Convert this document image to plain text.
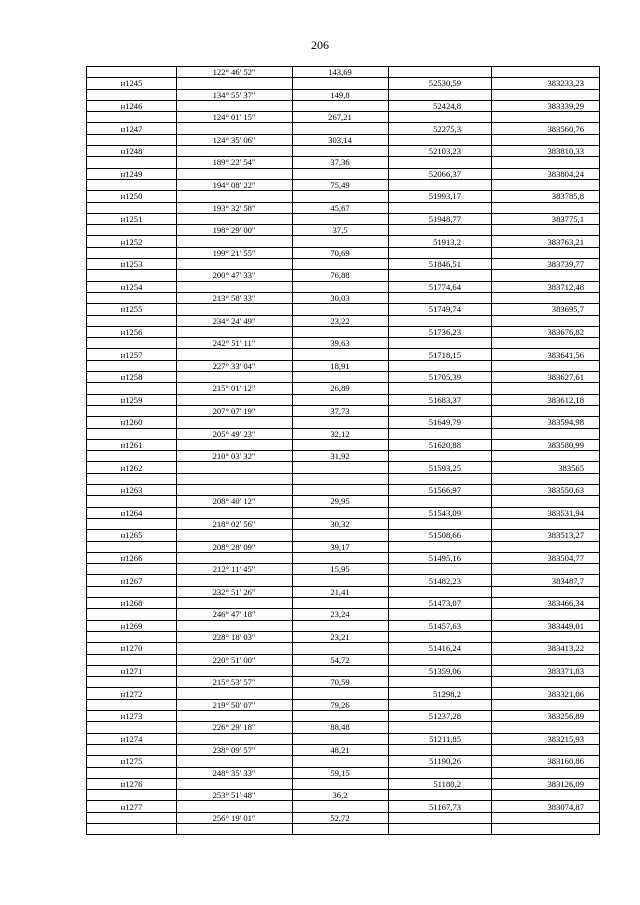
206
122° 46' 52"	143,69
н1245	52530,59	383233,23
134° 55' 37"	149,8
н1246	52424,8	383339,29
124° 01' 15"	267,21
н1247	52275,3	383560,76
124° 35' 06"	303,14
н1248	52103,23	383810,33
189° 22' 54"	37,36
н1249	52066,37	383804,24
194° 08' 22"	75,49
н1250	51993,17	383785,8
193° 32' 58"	45,67
н1251	51948,77	383775,1
198° 29' 00"	37,5
н1252	51913,2	383763,21
199° 21' 55"	70,69
н1253	51846,51	383739,77
200° 47' 33"	76,88
н1254	51774,64	383712,48
213° 58' 33"	30,03
н1255	51749,74	383695,7
234° 24' 49"	23,22
н1256	51736,23	383676,82
242° 51' 11"	39,63
н1257	51718,15	383641,56
227° 33' 04"	18,91
н1258	51705,39	383627,61
215° 01' 12"	26,89
н1259	51683,37	383612,18
207° 07' 19"	37,73
н1260	51649,79	383594,98
205° 49' 23"	32,12
н1261	51620,88	383580,99
210° 03' 32"	31,92
н1262	51593,25	383565
н1263	51566,97	383550,63
208° 40' 12"	29,95
н1264	51543,09	383531,94
218° 02' 56"	30,32
н1265	51508,66	383513,27
208° 28' 09"	39,17
н1266	51495,16	383504,77
212° 11' 45"	15,95
н1267	51482,23	383487,7
232° 51' 26"	21,41
н1268	51473,07	383466,34
246° 47' 18"	23,24
н1269	51457,63	383449,01
228° 18' 03"	23,21
н1270	51416,24	383413,22
220° 51' 00"	54,72
н1271	51359,06	383371,83
215° 53' 57"	70,59
н1272	51298,2	383321,06
219° 50' 07"	79,26
н1273	51237,28	383256,89
226° 29' 18"	88,48
н1274	51211,85	383215,93
238° 09' 57"	48,21
н1275	51190,26	383160,86
248° 35' 33"	59,15
н1276	51180,2	383126,09
253° 51' 48"	36,2
н1277	51167,73	383074,87
256° 19' 01"	52,72
